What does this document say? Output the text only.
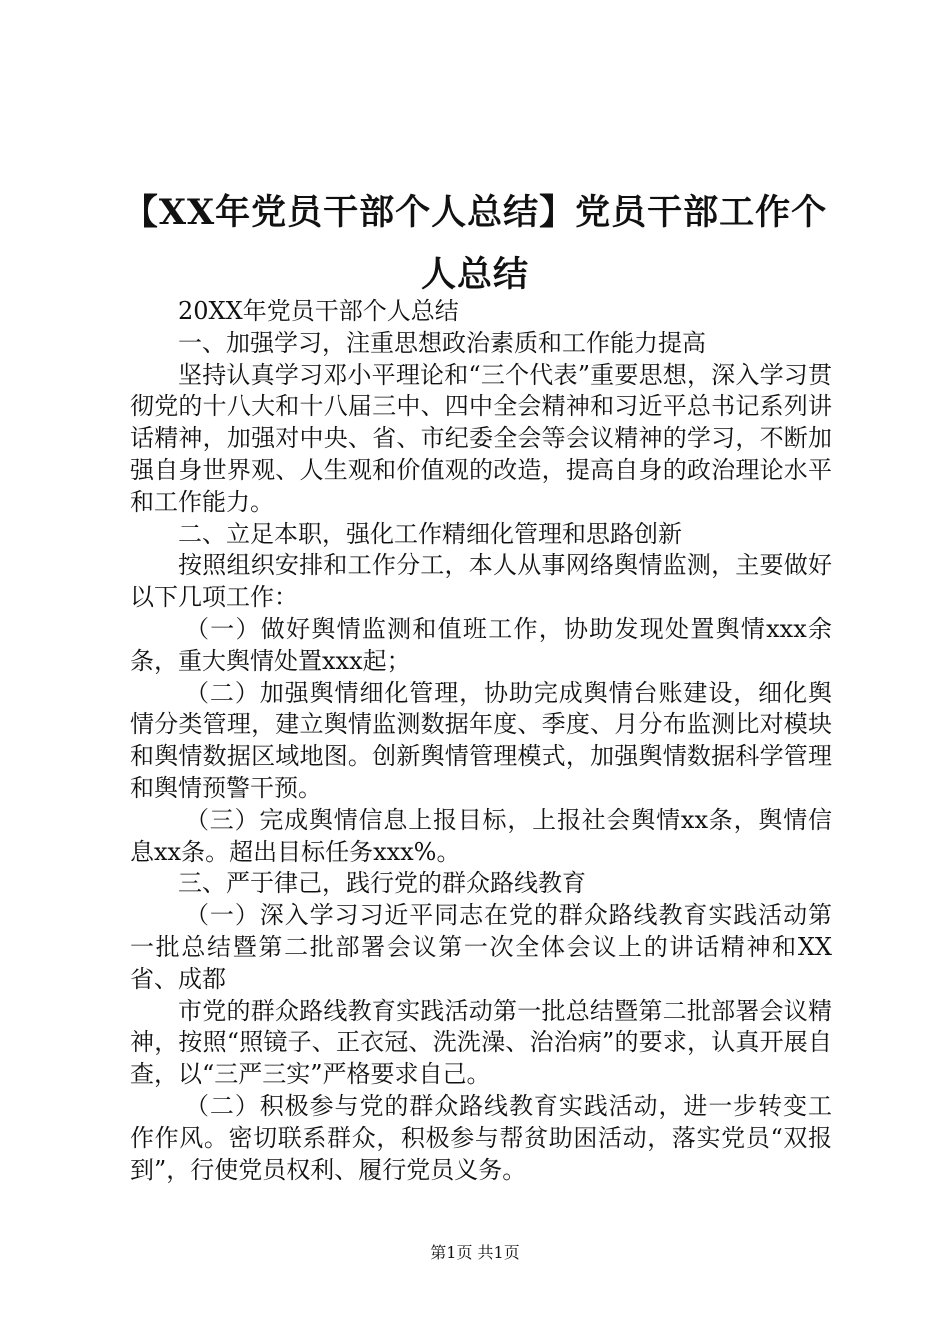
【XX年党员干部个人总结】党员干部工作个人总结

20XX年党员干部个人总结

一、加强学习，注重思想政治素质和工作能力提高

坚持认真学习邓小平理论和“三个代表”重要思想，深入学习贯彻党的十八大和十八届三中、四中全会精神和习近平总书记系列讲话精神，加强对中央、省、市纪委全会等会议精神的学习，不断加强自身世界观、人生观和价值观的改造，提高自身的政治理论水平和工作能力。

二、立足本职，强化工作精细化管理和思路创新

按照组织安排和工作分工，本人从事网络舆情监测，主要做好以下几项工作：

（一）做好舆情监测和值班工作，协助发现处置舆情xxx余条，重大舆情处置xxx起；

（二）加强舆情细化管理，协助完成舆情台账建设，细化舆情分类管理，建立舆情监测数据年度、季度、月分布监测比对模块和舆情数据区域地图。创新舆情管理模式，加强舆情数据科学管理和舆情预警干预。

（三）完成舆情信息上报目标，上报社会舆情xx条，舆情信息xx条。超出目标任务xxx%。

三、严于律己，践行党的群众路线教育

（一）深入学习习近平同志在党的群众路线教育实践活动第一批总结暨第二批部署会议第一次全体会议上的讲话精神和XX省、成都

市党的群众路线教育实践活动第一批总结暨第二批部署会议精神，按照“照镜子、正衣冠、洗洗澡、治治病”的要求，认真开展自查，以“三严三实”严格要求自己。

（二）积极参与党的群众路线教育实践活动，进一步转变工作作风。密切联系群众，积极参与帮贫助困活动，落实党员“双报到”，行使党员权利、履行党员义务。

第1页 共1页
